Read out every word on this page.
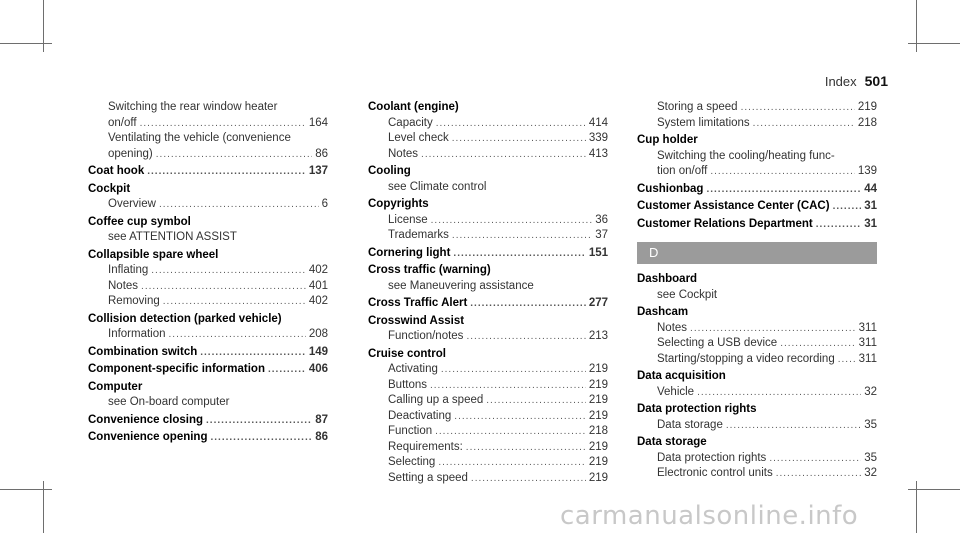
Index 501
Switching the rear window heater
on/off .....	164
Ventilating the vehicle (convenience
opening) .....	86
Coat hook .....	137
Cockpit
Overview .....	6
Coffee cup symbol
see ATTENTION ASSIST
Collapsible spare wheel
Inflating .....	402
Notes .....	401
Removing .....	402
Collision detection (parked vehicle)
Information .....	208
Combination switch .....	149
Component-specific information .....	406
Computer
see On-board computer
Convenience closing .....	87
Convenience opening .....	86
Coolant (engine)
Capacity .....	414
Level check .....	339
Notes .....	413
Cooling
see Climate control
Copyrights
License .....	36
Trademarks .....	37
Cornering light .....	151
Cross traffic (warning)
see Maneuvering assistance
Cross Traffic Alert .....	277
Crosswind Assist
Function/notes .....	213
Cruise control
Activating .....	219
Buttons .....	219
Calling up a speed .....	219
Deactivating .....	219
Function .....	218
Requirements: .....	219
Selecting .....	219
Setting a speed .....	219
Storing a speed .....	219
System limitations .....	218
Cup holder
Switching the cooling/heating func-
tion on/off .....	139
Cushionbag .....	44
Customer Assistance Center (CAC) .....	31
Customer Relations Department .....	31
D
Dashboard
see Cockpit
Dashcam
Notes .....	311
Selecting a USB device .....	311
Starting/stopping a video recording ..... 311
Data acquisition
Vehicle .....	32
Data protection rights
Data storage .....	35
Data storage
Data protection rights .....	35
Electronic control units .....	32
carmanualsonline.info
